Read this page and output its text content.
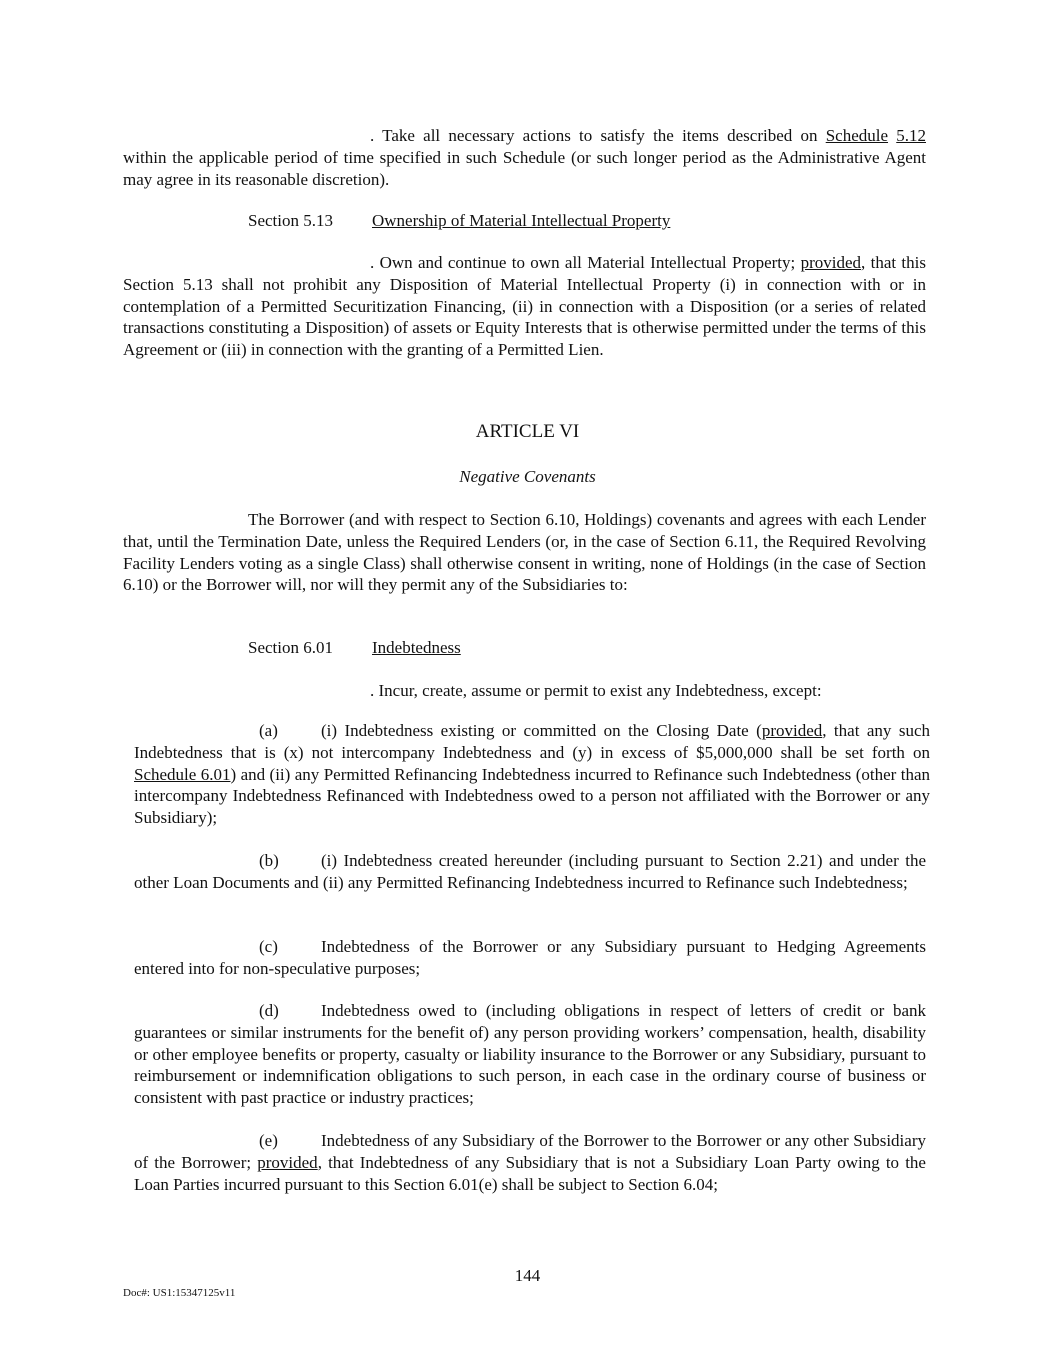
. Take all necessary actions to satisfy the items described on Schedule 5.12 within the applicable period of time specified in such Schedule (or such longer period as the Administrative Agent may agree in its reasonable discretion).

Section 5.13 Ownership of Material Intellectual Property

. Own and continue to own all Material Intellectual Property; provided, that this Section 5.13 shall not prohibit any Disposition of Material Intellectual Property (i) in connection with or in contemplation of a Permitted Securitization Financing, (ii) in connection with a Disposition (or a series of related transactions constituting a Disposition) of assets or Equity Interests that is otherwise permitted under the terms of this Agreement or (iii) in connection with the granting of a Permitted Lien.

ARTICLE VI
Negative Covenants

The Borrower (and with respect to Section 6.10, Holdings) covenants and agrees with each Lender that, until the Termination Date, unless the Required Lenders (or, in the case of Section 6.11, the Required Revolving Facility Lenders voting as a single Class) shall otherwise consent in writing, none of Holdings (in the case of Section 6.10) or the Borrower will, nor will they permit any of the Subsidiaries to:

Section 6.01 Indebtedness
. Incur, create, assume or permit to exist any Indebtedness, except:
(a)	(i) Indebtedness existing or committed on the Closing Date (provided, that any such Indebtedness that is (x) not intercompany Indebtedness and (y) in excess of $5,000,000 shall be set forth on Schedule 6.01) and (ii) any Permitted Refinancing Indebtedness incurred to Refinance such Indebtedness (other than intercompany Indebtedness Refinanced with Indebtedness owed to a person not affiliated with the Borrower or any Subsidiary);

(b)	(i) Indebtedness created hereunder (including pursuant to Section 2.21) and under the other Loan Documents and (ii) any Permitted Refinancing Indebtedness incurred to Refinance such Indebtedness;

(c)	Indebtedness of the Borrower or any Subsidiary pursuant to Hedging Agreements entered into for non-speculative purposes;

(d)	Indebtedness owed to (including obligations in respect of letters of credit or bank guarantees or similar instruments for the benefit of) any person providing workers’ compensation, health, disability or other employee benefits or property, casualty or liability insurance to the Borrower or any Subsidiary, pursuant to reimbursement or indemnification obligations to such person, in each case in the ordinary course of business or consistent with past practice or industry practices;

(e)	Indebtedness of any Subsidiary of the Borrower to the Borrower or any other Subsidiary of the Borrower; provided, that Indebtedness of any Subsidiary that is not a Subsidiary Loan Party owing to the Loan Parties incurred pursuant to this Section 6.01(e) shall be subject to Section 6.04;

144
Doc#: US1:15347125v11
